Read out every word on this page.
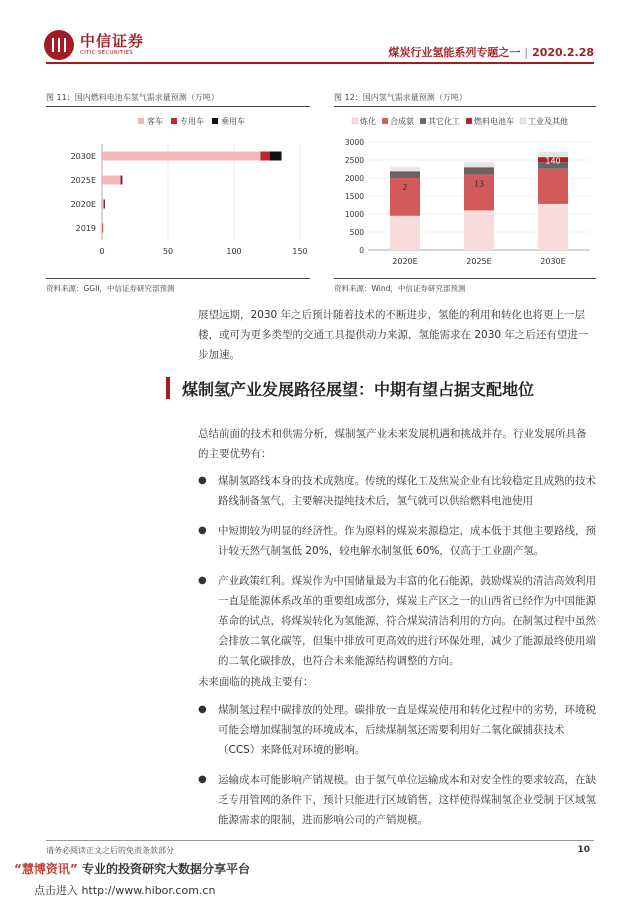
中信证券
CITIC SECURITIES	煤炭行业氢能系列专题之一 | 2020.2.28
图 11：国内燃料电池车氢气需求量预测（万吨）
客车 专用车 乘用车
0	50	100	150
2030E
2025E
2020E
2019
资料来源：GGII，中信证券研究部预测
图 12：国内氢气需求量预测（万吨）
炼化 合成氨 其它化工 燃料电池车 工业及其他
0
500
1000
1500
2000
2500
3000
2020E
2
2025E
13
2030E
140
资料来源：Wind，中信证券研究部预测
展望远期，2030 年之后预计随着技术的不断进步，氢能的利用和转化也将更上一层楼，或可为更多类型的交通工具提供动力来源，氢能需求在 2030 年之后还有望进一步加速。
煤制氢产业发展路径展望：中期有望占据支配地位
总结前面的技术和供需分析，煤制氢产业未来发展机遇和挑战并存。行业发展所具备的主要优势有：
● 煤制氢路线本身的技术成熟度。传统的煤化工及焦炭企业有比较稳定且成熟的技术路线制备氢气，主要解决提纯技术后，氢气就可以供给燃料电池使用
● 中短期较为明显的经济性。作为原料的煤炭来源稳定，成本低于其他主要路线，预计较天然气制氢低 20%，较电解水制氢低 60%，仅高于工业副产氢。
● 产业政策红利。煤炭作为中国储量最为丰富的化石能源，鼓励煤炭的清洁高效利用一直是能源体系改革的重要组成部分，煤炭主产区之一的山西省已经作为中国能源革命的试点，将煤炭转化为氢能源，符合煤炭清洁利用的方向。在制氢过程中虽然会排放二氧化碳等，但集中排放可更高效的进行环保处理，减少了能源最终使用端的二氧化碳排放，也符合未来能源结构调整的方向。
未来面临的挑战主要有：
● 煤制氢过程中碳排放的处理。碳排放一直是煤炭使用和转化过程中的劣势，环境税可能会增加煤制氢的环境成本，后续煤制氢还需要利用好二氧化碳捕获技术（CCS）来降低对环境的影响。
● 运输成本可能影响产销规模。由于氢气单位运输成本和对安全性的要求较高，在缺乏专用管网的条件下，预计只能进行区域销售，这样使得煤制氢企业受制于区域氢能源需求的限制，进而影响公司的产销规模。
请务必阅读正文之后的免责条款部分	10
“慧博资讯” 专业的投资研究大数据分享平台
点击进入 http://www.hibor.com.cn
